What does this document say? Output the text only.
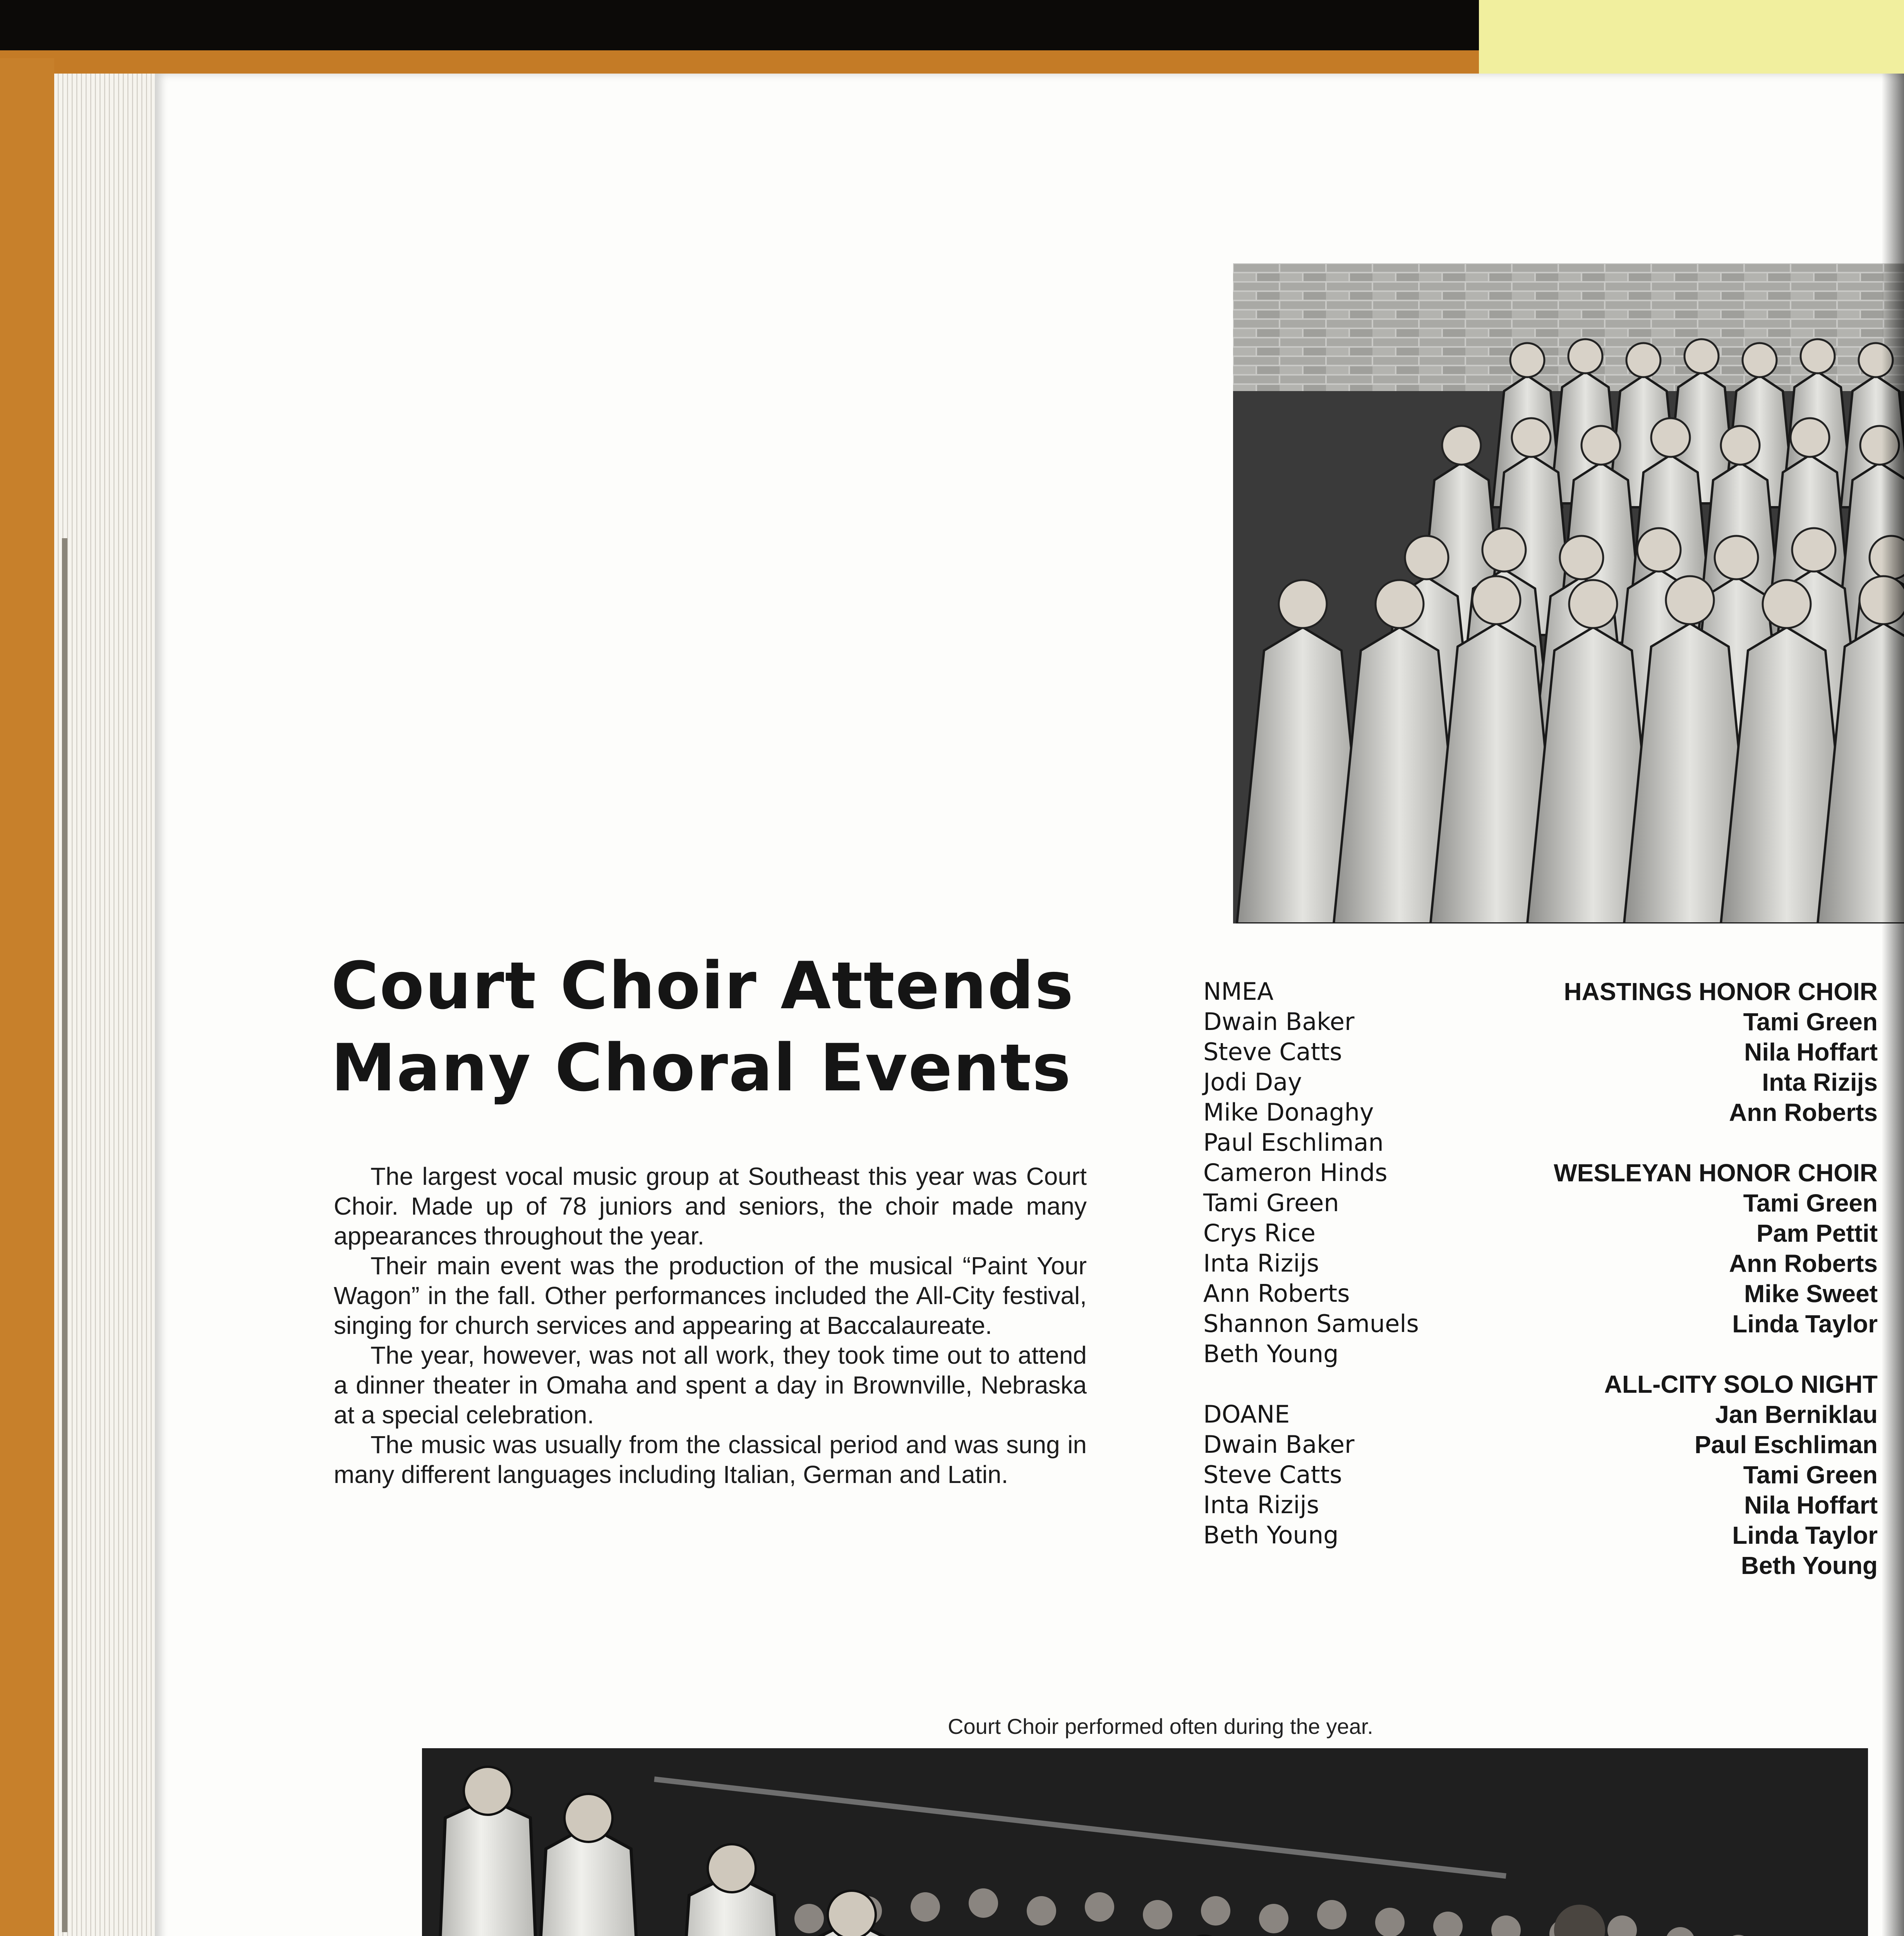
Court Choir Attends
Many Choral Events

The largest vocal music group at Southeast this year was Court Choir. Made up of 78 juniors and seniors, the choir made many appearances throughout the year.

Their main event was the production of the musical “Paint Your Wagon” in the fall. Other performances included the All-City festival, singing for church services and appearing at Baccalaureate.

The year, however, was not all work, they took time out to attend a dinner theater in Omaha and spent a day in Brownville, Nebraska at a special celebration.

The music was usually from the classical period and was sung in many different languages including Italian, German and Latin.

NMEA
Dwain Baker
Steve Catts
Jodi Day
Mike Donaghy
Paul Eschliman
Cameron Hinds
Tami Green
Crys Rice
Inta Rizijs
Ann Roberts
Shannon Samuels
Beth Young
DOANE
Dwain Baker
Steve Catts
Inta Rizijs
Beth Young
HASTINGS HONOR CHOIR
Tami Green
Nila Hoffart
Inta Rizijs
Ann Roberts
WESLEYAN HONOR CHOIR
Tami Green
Pam Pettit
Ann Roberts
Mike Sweet
Linda Taylor
ALL-CITY SOLO NIGHT
Jan Berniklau
Paul Eschliman
Tami Green
Nila Hoffart
Linda Taylor
Beth Young
Court Choir performed often during the year.
